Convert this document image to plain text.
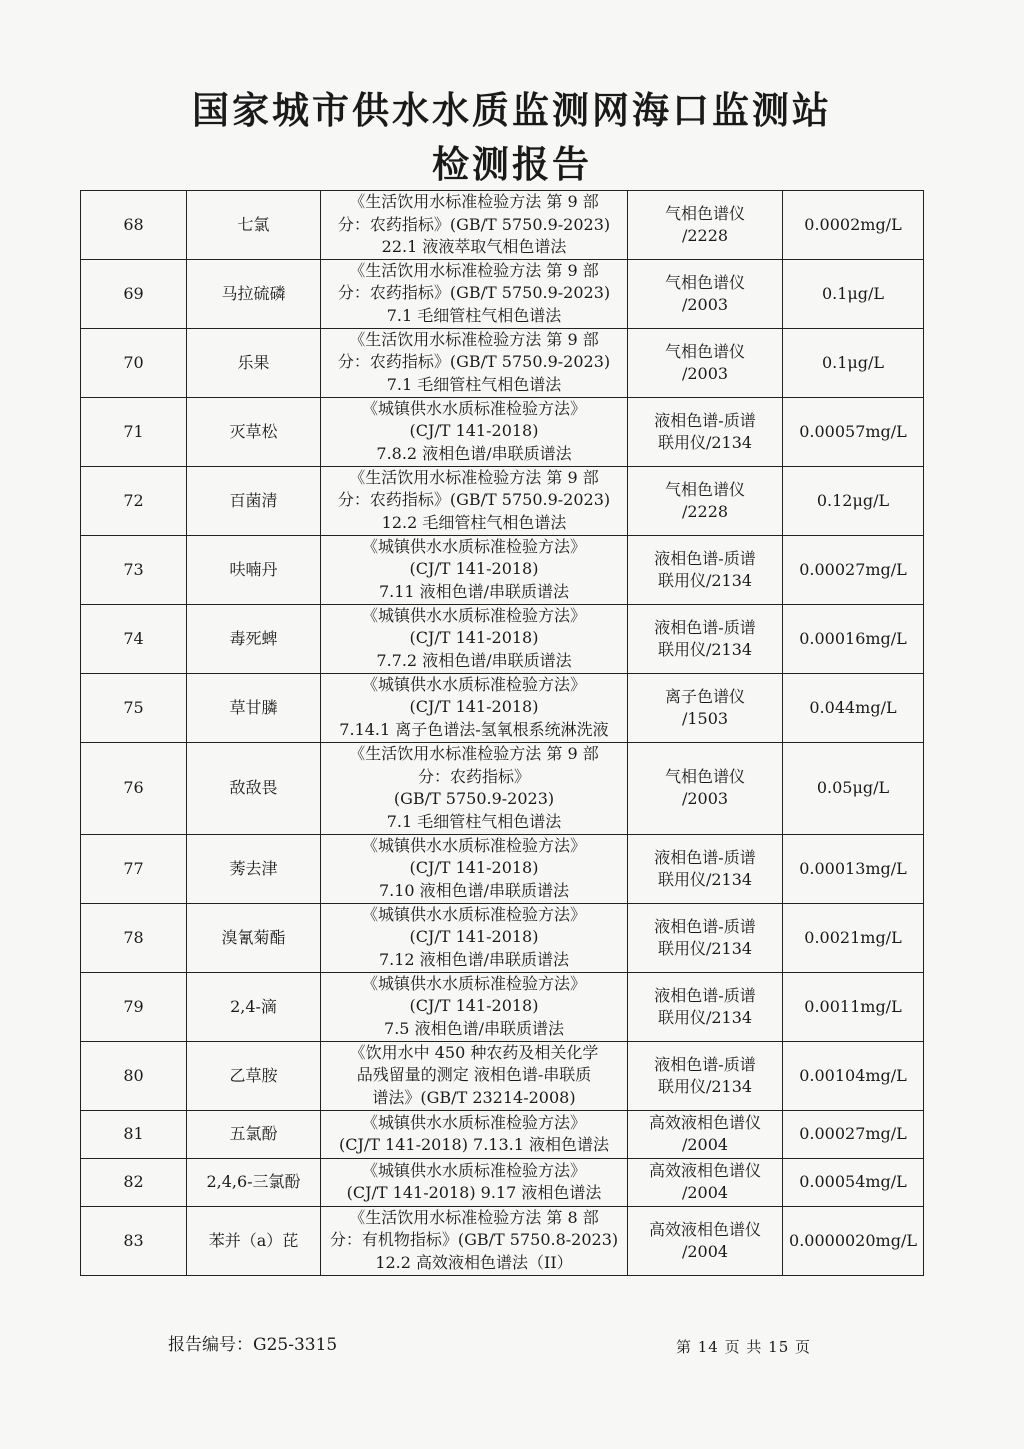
国家城市供水水质监测网海口监测站
检测报告
68	七氯	《生活饮用水标准检验方法 第 9 部
分：农药指标》(GB/T 5750.9-2023)
22.1 液液萃取气相色谱法	气相色谱仪
/2228	0.0002mg/L
69	马拉硫磷	《生活饮用水标准检验方法 第 9 部
分：农药指标》(GB/T 5750.9-2023)
7.1 毛细管柱气相色谱法	气相色谱仪
/2003	0.1μg/L
70	乐果	《生活饮用水标准检验方法 第 9 部
分：农药指标》(GB/T 5750.9-2023)
7.1 毛细管柱气相色谱法	气相色谱仪
/2003	0.1μg/L
71	灭草松	《城镇供水水质标准检验方法》
(CJ/T 141-2018)
7.8.2 液相色谱/串联质谱法	液相色谱-质谱
联用仪/2134	0.00057mg/L
72	百菌清	《生活饮用水标准检验方法 第 9 部
分：农药指标》(GB/T 5750.9-2023)
12.2 毛细管柱气相色谱法	气相色谱仪
/2228	0.12μg/L
73	呋喃丹	《城镇供水水质标准检验方法》
(CJ/T 141-2018)
7.11 液相色谱/串联质谱法	液相色谱-质谱
联用仪/2134	0.00027mg/L
74	毒死蜱	《城镇供水水质标准检验方法》
(CJ/T 141-2018)
7.7.2 液相色谱/串联质谱法	液相色谱-质谱
联用仪/2134	0.00016mg/L
75	草甘膦	《城镇供水水质标准检验方法》
(CJ/T 141-2018)
7.14.1 离子色谱法-氢氧根系统淋洗液	离子色谱仪
/1503	0.044mg/L
76	敌敌畏	《生活饮用水标准检验方法 第 9 部
分：农药指标》
(GB/T 5750.9-2023)
7.1 毛细管柱气相色谱法	气相色谱仪
/2003	0.05μg/L
77	莠去津	《城镇供水水质标准检验方法》
(CJ/T 141-2018)
7.10 液相色谱/串联质谱法	液相色谱-质谱
联用仪/2134	0.00013mg/L
78	溴氰菊酯	《城镇供水水质标准检验方法》
(CJ/T 141-2018)
7.12 液相色谱/串联质谱法	液相色谱-质谱
联用仪/2134	0.0021mg/L
79	2,4-滴	《城镇供水水质标准检验方法》
(CJ/T 141-2018)
7.5 液相色谱/串联质谱法	液相色谱-质谱
联用仪/2134	0.0011mg/L
80	乙草胺	《饮用水中 450 种农药及相关化学
品残留量的测定 液相色谱-串联质
谱法》(GB/T 23214-2008)	液相色谱-质谱
联用仪/2134	0.00104mg/L
81	五氯酚	《城镇供水水质标准检验方法》
(CJ/T 141-2018) 7.13.1 液相色谱法	高效液相色谱仪
/2004	0.00027mg/L
82	2,4,6-三氯酚	《城镇供水水质标准检验方法》
(CJ/T 141-2018) 9.17 液相色谱法	高效液相色谱仪
/2004	0.00054mg/L
83	苯并（a）芘	《生活饮用水标准检验方法 第 8 部
分：有机物指标》(GB/T 5750.8-2023)
12.2 高效液相色谱法（II）	高效液相色谱仪
/2004	0.0000020mg/L
报告编号：G25-3315	第 14 页 共 15 页
